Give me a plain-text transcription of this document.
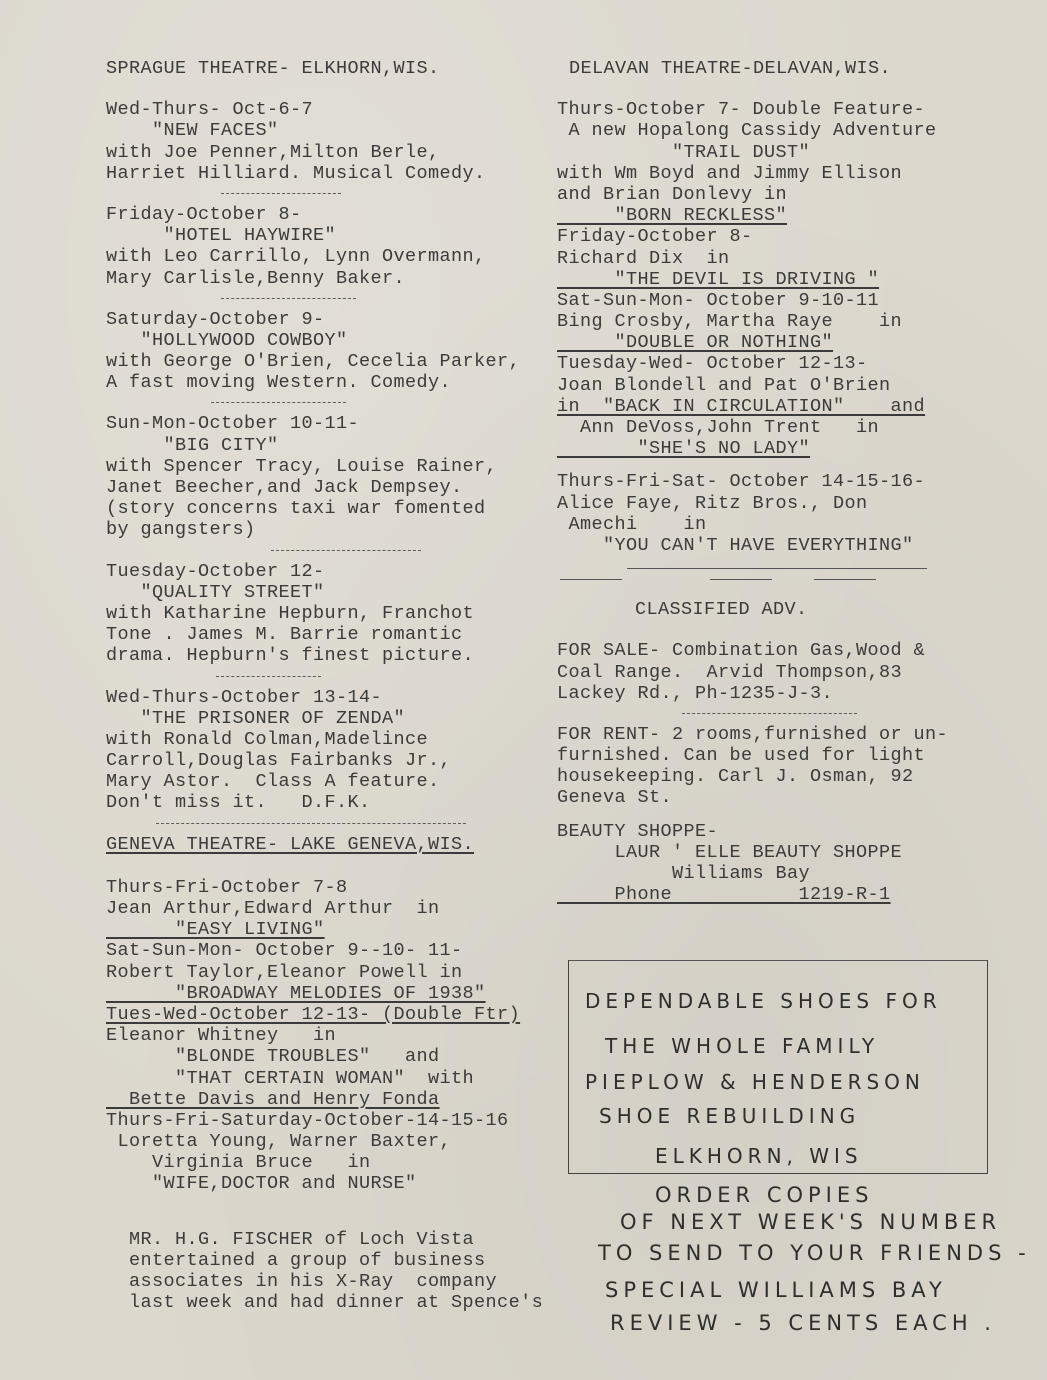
SPRAGUE THEATRE- ELKHORN,WIS.
Wed-Thurs- Oct-6-7
"NEW FACES"
with Joe Penner,Milton Berle,
Harriet Hilliard. Musical Comedy.
Friday-October 8-
"HOTEL HAYWIRE"
with Leo Carrillo, Lynn Overmann,
Mary Carlisle,Benny Baker.
Saturday-October 9-
"HOLLYWOOD COWBOY"
with George O'Brien, Cecelia Parker,
A fast moving Western. Comedy.
Sun-Mon-October 10-11-
"BIG CITY"
with Spencer Tracy, Louise Rainer,
Janet Beecher,and Jack Dempsey.
(story concerns taxi war fomented
by gangsters)
Tuesday-October 12-
"QUALITY STREET"
with Katharine Hepburn, Franchot
Tone . James M. Barrie romantic
drama. Hepburn's finest picture.
Wed-Thurs-October 13-14-
"THE PRISONER OF ZENDA"
with Ronald Colman,Madelince
Carroll,Douglas Fairbanks Jr.,
Mary Astor.  Class A feature.
Don't miss it.   D.F.K.
GENEVA THEATRE- LAKE GENEVA,WIS.
Thurs-Fri-October 7-8
Jean Arthur,Edward Arthur  in
"EASY LIVING"
Sat-Sun-Mon- October 9--10- 11-
Robert Taylor,Eleanor Powell in
"BROADWAY MELODIES OF 1938"
Tues-Wed-October 12-13- (Double Ftr)
Eleanor Whitney   in
"BLONDE TROUBLES"   and
"THAT CERTAIN WOMAN"  with
Bette Davis and Henry Fonda
Thurs-Fri-Saturday-October-14-15-16
Loretta Young, Warner Baxter,
Virginia Bruce   in
"WIFE,DOCTOR and NURSE"
MR. H.G. FISCHER of Loch Vista
entertained a group of business
associates in his X-Ray  company
last week and had dinner at Spence's
DELAVAN THEATRE-DELAVAN,WIS.
Thurs-October 7- Double Feature-
A new Hopalong Cassidy Adventure
"TRAIL DUST"
with Wm Boyd and Jimmy Ellison
and Brian Donlevy in
"BORN RECKLESS"
Friday-October 8-
Richard Dix  in
"THE DEVIL IS DRIVING "
Sat-Sun-Mon- October 9-10-11
Bing Crosby, Martha Raye    in
"DOUBLE OR NOTHING"
Tuesday-Wed- October 12-13-
Joan Blondell and Pat O'Brien
in  "BACK IN CIRCULATION"    and
Ann DeVoss,John Trent   in
"SHE'S NO LADY"
Thurs-Fri-Sat- October 14-15-16-
Alice Faye, Ritz Bros., Don
Amechi    in
"YOU CAN'T HAVE EVERYTHING"
CLASSIFIED ADV.
FOR SALE- Combination Gas,Wood &
Coal Range.  Arvid Thompson,83
Lackey Rd., Ph-1235-J-3.
FOR RENT- 2 rooms,furnished or un-
furnished. Can be used for light
housekeeping. Carl J. Osman, 92
Geneva St.
BEAUTY SHOPPE-
LAUR ' ELLE BEAUTY SHOPPE
Williams Bay
Phone           1219-R-1
DEPENDABLE SHOES FOR
THE WHOLE FAMILY
PIEPLOW & HENDERSON
SHOE REBUILDING
ELKHORN, WIS
ORDER COPIES
OF NEXT WEEK'S NUMBER
TO SEND TO YOUR FRIENDS -
SPECIAL WILLIAMS BAY
REVIEW - 5 CENTS EACH .
